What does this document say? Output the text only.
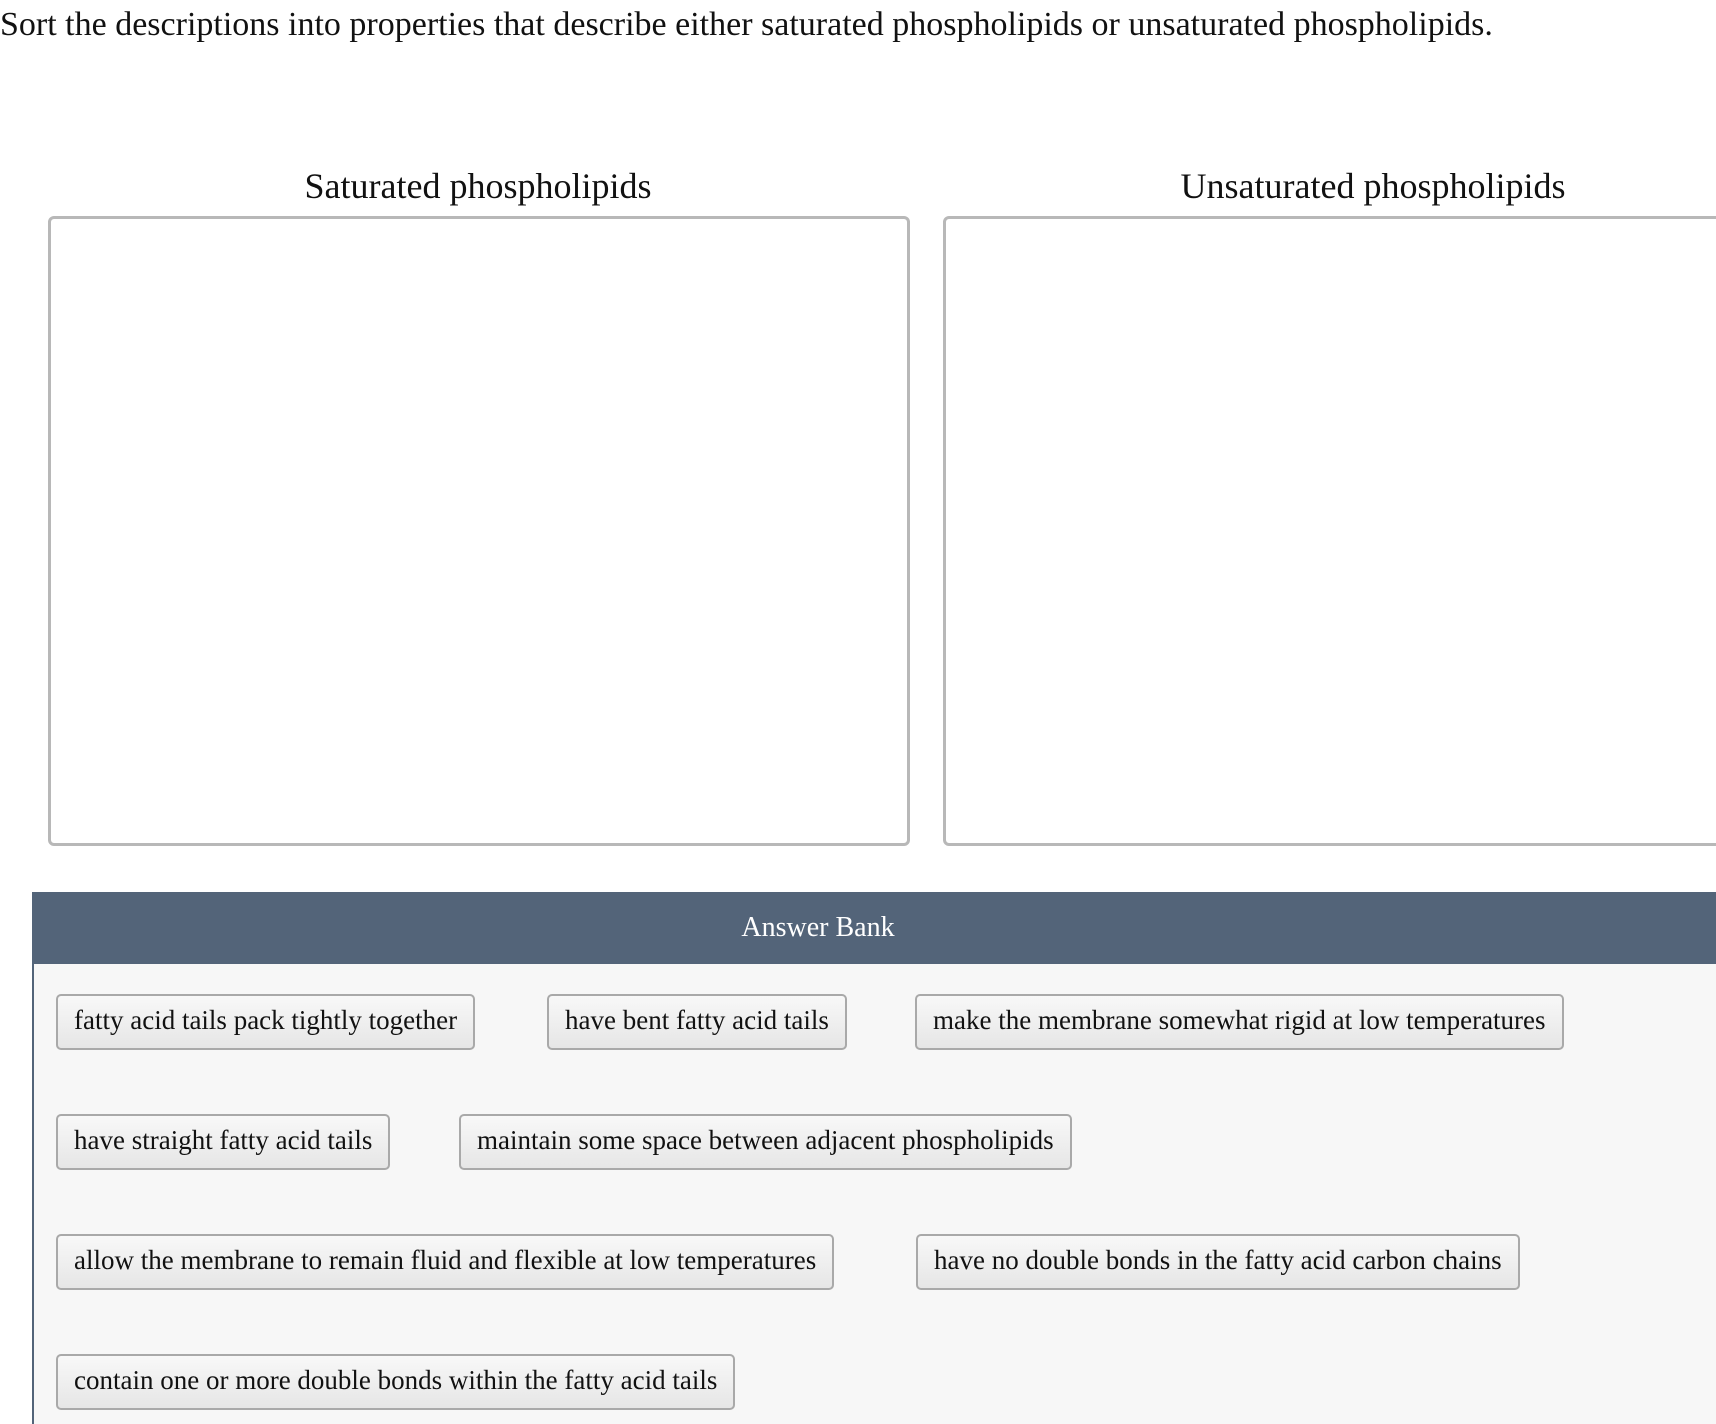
Sort the descriptions into properties that describe either saturated phospholipids or unsaturated phospholipids.
Saturated phospholipids	Unsaturated phospholipids
Answer Bank
fatty acid tails pack tightly together	have bent fatty acid tails	make the membrane somewhat rigid at low temperatures
have straight fatty acid tails	maintain some space between adjacent phospholipids
allow the membrane to remain fluid and flexible at low temperatures	have no double bonds in the fatty acid carbon chains
contain one or more double bonds within the fatty acid tails
